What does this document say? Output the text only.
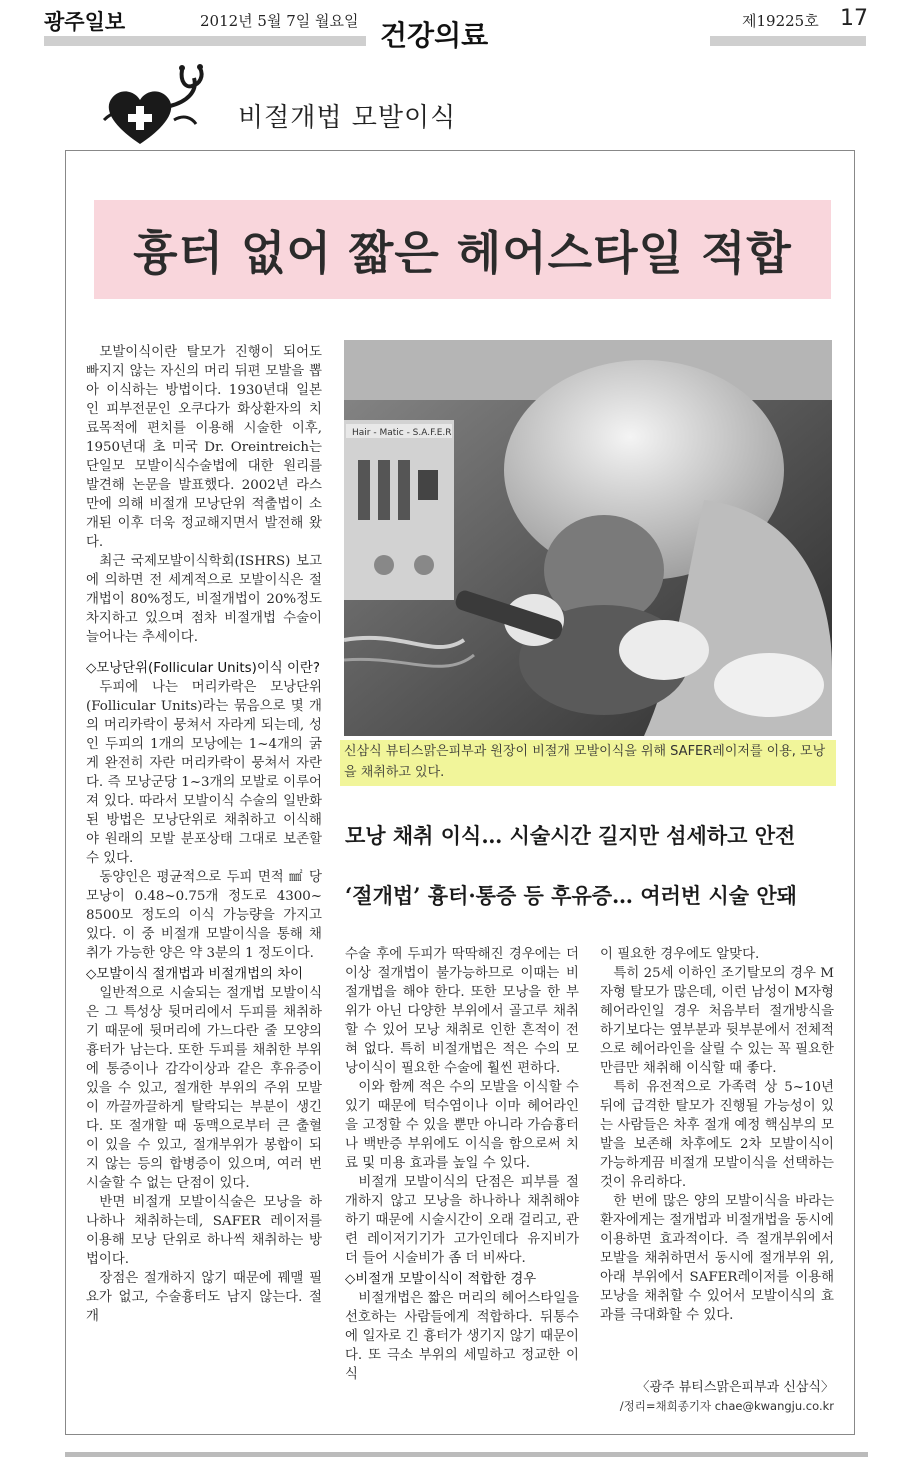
광주일보	2012년 5월 7일 월요일 건강의료	제19225호 17
비절개법 모발이식
흉터 없어 짧은 헤어스타일 적합

모발이식이란 탈모가 진행이 되어도 빠지지 않는 자신의 머리 뒤편 모발을 뽑아 이식하는 방법이다. 1930년대 일본인 피부전문인 오쿠다가 화상환자의 치료목적에 편치를 이용해 시술한 이후, 1950년대 초 미국 Dr. Oreintreich는 단일모 모발이식수술법에 대한 원리를 발견해 논문을 발표했다. 2002년 라스만에 의해 비절개 모낭단위 적출법이 소개된 이후 더욱 정교해지면서 발전해 왔다.

최근 국제모발이식학회(ISHRS) 보고에 의하면 전 세계적으로 모발이식은 절개법이 80%정도, 비절개법이 20%정도 차지하고 있으며 점차 비절개법 수술이 늘어나는 추세이다.

◇모낭단위(Follicular Units)이식 이란?

두피에 나는 머리카락은 모낭단위(Follicular Units)라는 묶음으로 몇 개의 머리카락이 뭉쳐서 자라게 되는데, 성인 두피의 1개의 모낭에는 1~4개의 굵게 완전히 자란 머리카락이 뭉쳐서 자란다. 즉 모낭군당 1~3개의 모발로 이루어져 있다. 따라서 모발이식 수술의 일반화된 방법은 모낭단위로 채취하고 이식해야 원래의 모발 분포상태 그대로 보존할 수 있다.

동양인은 평균적으로 두피 면적 ㎟ 당 모낭이 0.48~0.75개 정도로 4300~ 8500모 정도의 이식 가능량을 가지고 있다. 이 중 비절개 모발이식을 통해 채취가 가능한 양은 약 3분의 1 정도이다.

◇모발이식 절개법과 비절개법의 차이

일반적으로 시술되는 절개법 모발이식은 그 특성상 뒷머리에서 두피를 채취하기 때문에 뒷머리에 가느다란 줄 모양의 흉터가 남는다. 또한 두피를 채취한 부위에 통증이나 감각이상과 같은 후유증이 있을 수 있고, 절개한 부위의 주위 모발이 까끌까끌하게 탈락되는 부분이 생긴다. 또 절개할 때 동맥으로부터 큰 출혈이 있을 수 있고, 절개부위가 봉합이 되지 않는 등의 합병증이 있으며, 여러 번 시술할 수 없는 단점이 있다.

반면 비절개 모발이식술은 모낭을 하나하나 채취하는데, SAFER 레이저를 이용해 모낭 단위로 하나씩 채취하는 방법이다.

장점은 절개하지 않기 때문에 꿰맬 필요가 없고, 수술흉터도 남지 않는다. 절개

Hair - Matic - S.A.F.E.R
신삼식 뷰티스맑은피부과 원장이 비절개 모발이식을 위해 SAFER레이저를 이용, 모낭을 채취하고 있다.
모낭 채취 이식… 시술시간 길지만 섬세하고 안전
‘절개법’ 흉터·통증 등 후유증… 여러번 시술 안돼

수술 후에 두피가 딱딱해진 경우에는 더 이상 절개법이 불가능하므로 이때는 비절개법을 해야 한다. 또한 모낭을 한 부위가 아닌 다양한 부위에서 골고루 채취할 수 있어 모낭 채취로 인한 흔적이 전혀 없다. 특히 비절개법은 적은 수의 모낭이식이 필요한 수술에 훨씬 편하다.

이와 함께 적은 수의 모발을 이식할 수 있기 때문에 턱수염이나 이마 헤어라인을 고정할 수 있을 뿐만 아니라 가슴흉터나 백반증 부위에도 이식을 함으로써 치료 및 미용 효과를 높일 수 있다.

비절개 모발이식의 단점은 피부를 절개하지 않고 모낭을 하나하나 채취해야 하기 때문에 시술시간이 오래 걸리고, 관련 레이저기기가 고가인데다 유지비가 더 들어 시술비가 좀 더 비싸다.

◇비절개 모발이식이 적합한 경우

비절개법은 짧은 머리의 헤어스타일을 선호하는 사람들에게 적합하다. 뒤통수에 일자로 긴 흉터가 생기지 않기 때문이다. 또 극소 부위의 세밀하고 정교한 이식

이 필요한 경우에도 알맞다.

특히 25세 이하인 조기탈모의 경우 M자형 탈모가 많은데, 이런 남성이 M자형 헤어라인일 경우 처음부터 절개방식을 하기보다는 옆부분과 뒷부분에서 전체적으로 헤어라인을 살릴 수 있는 꼭 필요한 만큼만 채취해 이식할 때 좋다.

특히 유전적으로 가족력 상 5~10년 뒤에 급격한 탈모가 진행될 가능성이 있는 사람들은 차후 절개 예정 핵심부의 모발을 보존해 차후에도 2차 모발이식이 가능하게끔 비절개 모발이식을 선택하는 것이 유리하다.

한 번에 많은 양의 모발이식을 바라는 환자에게는 절개법과 비절개법을 동시에 이용하면 효과적이다. 즉 절개부위에서 모발을 채취하면서 동시에 절개부위 위, 아래 부위에서 SAFER레이저를 이용해 모낭을 채취할 수 있어서 모발이식의 효과를 극대화할 수 있다.

〈광주 뷰티스맑은피부과 신삼식〉
/정리=채희종기자 chae@kwangju.co.kr
